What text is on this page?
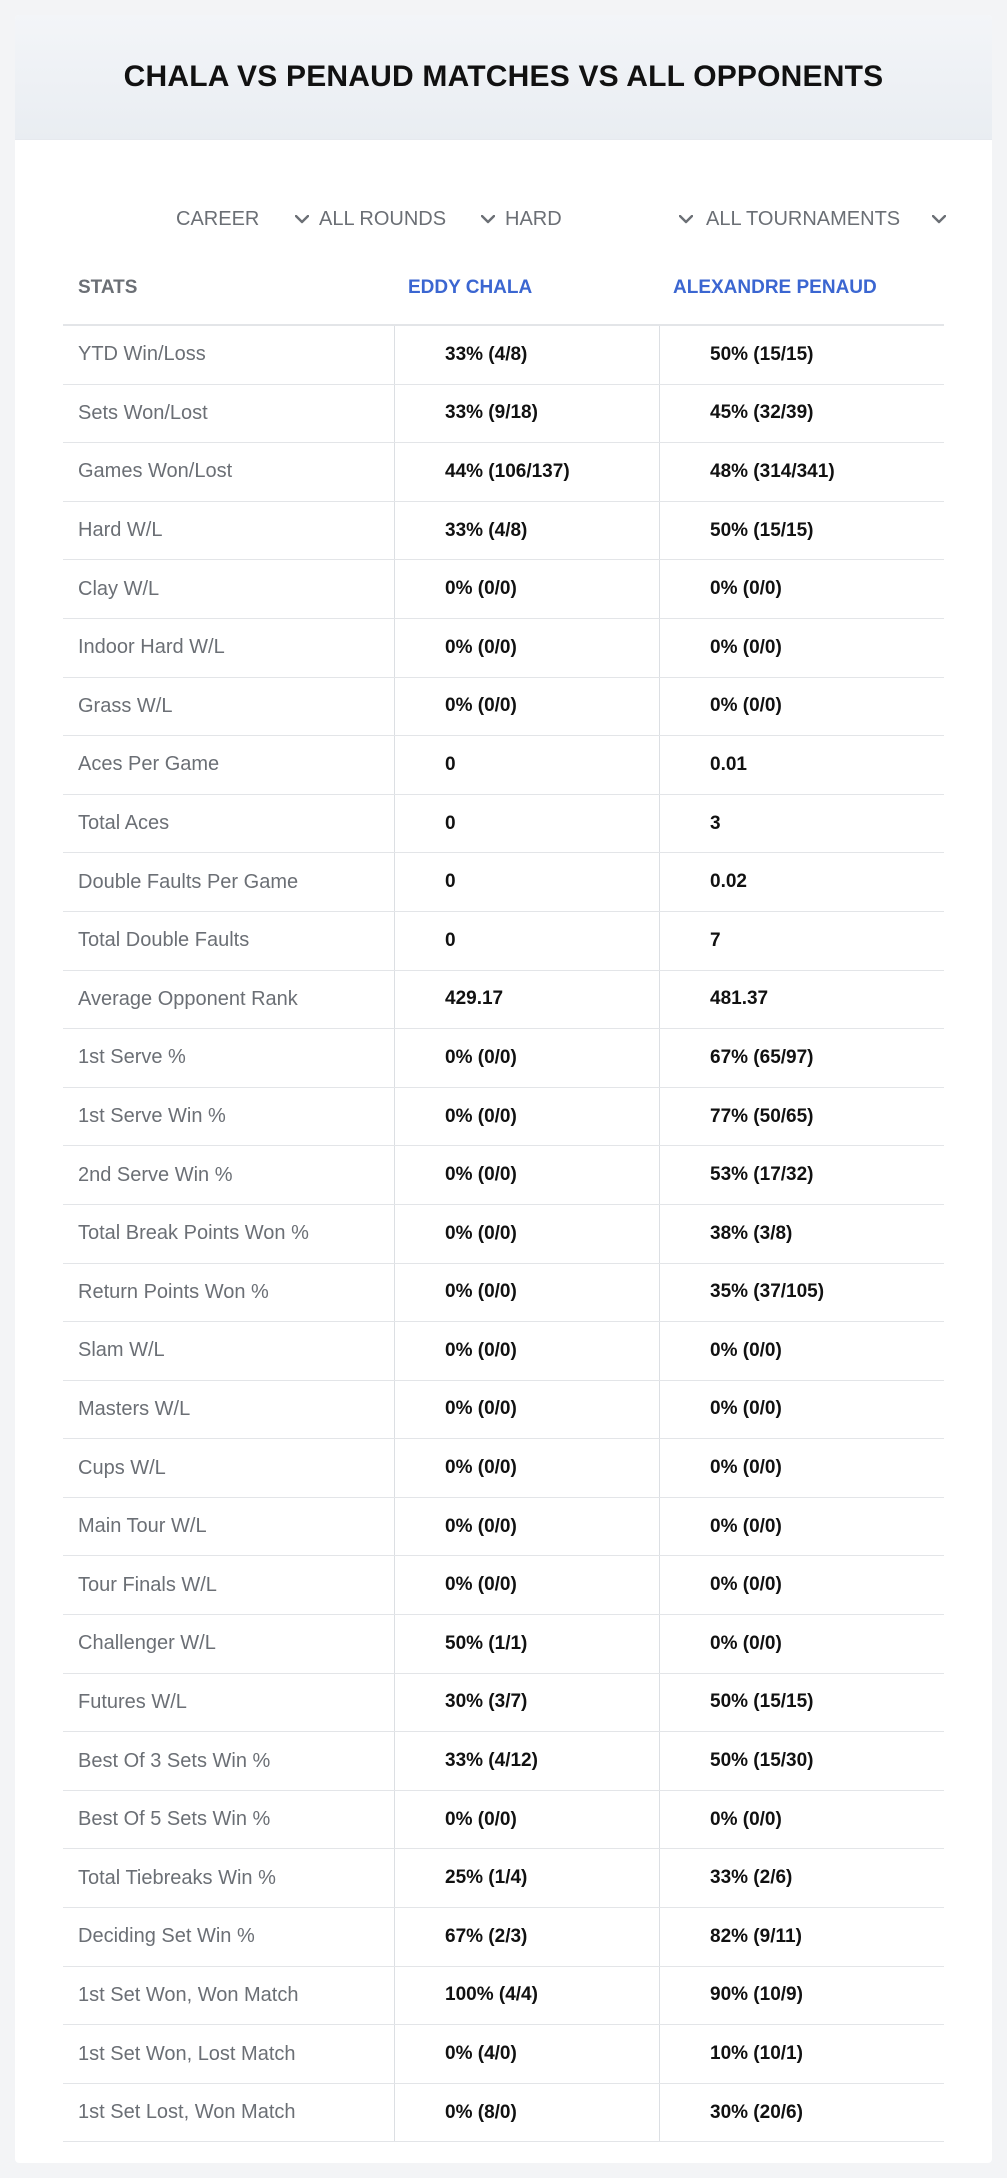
CHALA VS PENAUD MATCHES VS ALL OPPONENTS
CAREER	ALL ROUNDS	HARD	ALL TOURNAMENTS
STATS	EDDY CHALA	ALEXANDRE PENAUD
YTD Win/Loss	33% (4/8)	50% (15/15)
Sets Won/Lost	33% (9/18)	45% (32/39)
Games Won/Lost	44% (106/137)	48% (314/341)
Hard W/L	33% (4/8)	50% (15/15)
Clay W/L	0% (0/0)	0% (0/0)
Indoor Hard W/L	0% (0/0)	0% (0/0)
Grass W/L	0% (0/0)	0% (0/0)
Aces Per Game	0	0.01
Total Aces	0	3
Double Faults Per Game	0	0.02
Total Double Faults	0	7
Average Opponent Rank	429.17	481.37
1st Serve %	0% (0/0)	67% (65/97)
1st Serve Win %	0% (0/0)	77% (50/65)
2nd Serve Win %	0% (0/0)	53% (17/32)
Total Break Points Won %	0% (0/0)	38% (3/8)
Return Points Won %	0% (0/0)	35% (37/105)
Slam W/L	0% (0/0)	0% (0/0)
Masters W/L	0% (0/0)	0% (0/0)
Cups W/L	0% (0/0)	0% (0/0)
Main Tour W/L	0% (0/0)	0% (0/0)
Tour Finals W/L	0% (0/0)	0% (0/0)
Challenger W/L	50% (1/1)	0% (0/0)
Futures W/L	30% (3/7)	50% (15/15)
Best Of 3 Sets Win %	33% (4/12)	50% (15/30)
Best Of 5 Sets Win %	0% (0/0)	0% (0/0)
Total Tiebreaks Win %	25% (1/4)	33% (2/6)
Deciding Set Win %	67% (2/3)	82% (9/11)
1st Set Won, Won Match	100% (4/4)	90% (10/9)
1st Set Won, Lost Match	0% (4/0)	10% (10/1)
1st Set Lost, Won Match	0% (8/0)	30% (20/6)
